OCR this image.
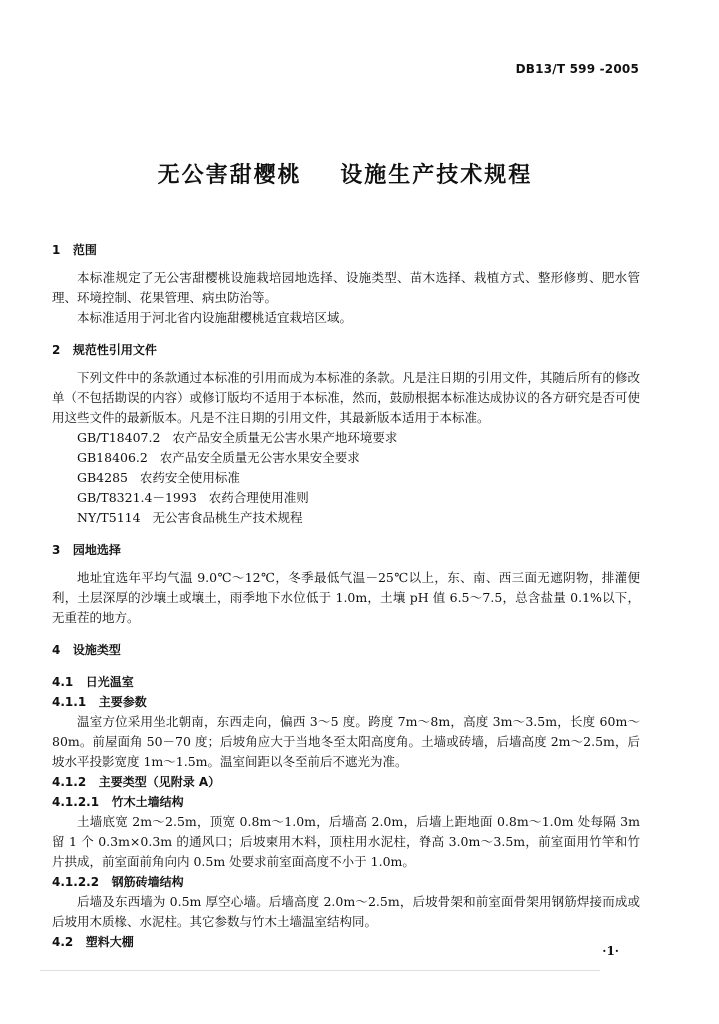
DB13/T 599 -2005
无公害甜樱桃    设施生产技术规程
1   范围

本标准规定了无公害甜樱桃设施栽培园地选择、设施类型、苗木选择、栽植方式、整形修剪、肥水管理、环境控制、花果管理、病虫防治等。

本标准适用于河北省内设施甜樱桃适宜栽培区域。

2   规范性引用文件

下列文件中的条款通过本标准的引用而成为本标准的条款。凡是注日期的引用文件，其随后所有的修改单（不包括勘误的内容）或修订版均不适用于本标准，然而，鼓励根据本标准达成协议的各方研究是否可使用这些文件的最新版本。凡是不注日期的引用文件，其最新版本适用于本标准。

GB/T18407.2   农产品安全质量无公害水果产地环境要求

GB18406.2   农产品安全质量无公害水果安全要求

GB4285   农药安全使用标准

GB/T8321.4－1993   农药合理使用准则

NY/T5114   无公害食品桃生产技术规程

3   园地选择

地址宜选年平均气温 9.0℃～12℃，冬季最低气温－25℃以上，东、南、西三面无遮阴物，排灌便利，土层深厚的沙壤土或壤土，雨季地下水位低于 1.0m，土壤 pH 值 6.5～7.5，总含盐量 0.1%以下，无重茬的地方。

4   设施类型
4.1   日光温室
4.1.1   主要参数

温室方位采用坐北朝南，东西走向，偏西 3～5 度。跨度 7m～8m，高度 3m～3.5m，长度 60m～80m。前屋面角 50－70 度；后坡角应大于当地冬至太阳高度角。土墙或砖墙，后墙高度 2m～2.5m，后坡水平投影宽度 1m～1.5m。温室间距以冬至前后不遮光为准。

4.1.2   主要类型（见附录 A）
4.1.2.1   竹木土墙结构

土墙底宽 2m～2.5m，顶宽 0.8m～1.0m，后墙高 2.0m，后墙上距地面 0.8m～1.0m 处每隔 3m 留 1 个 0.3m×0.3m 的通风口；后坡柬用木料，顶柱用水泥柱，脊高 3.0m～3.5m，前室面用竹竿和竹片拱成，前室面前角向内 0.5m 处要求前室面高度不小于 1.0m。

4.1.2.2   钢筋砖墙结构

后墙及东西墙为 0.5m 厚空心墙。后墙高度 2.0m～2.5m，后坡骨架和前室面骨架用钢筋焊接而成或后坡用木质椽、水泥柱。其它参数与竹木土墙温室结构同。

4.2   塑料大棚
·1·
